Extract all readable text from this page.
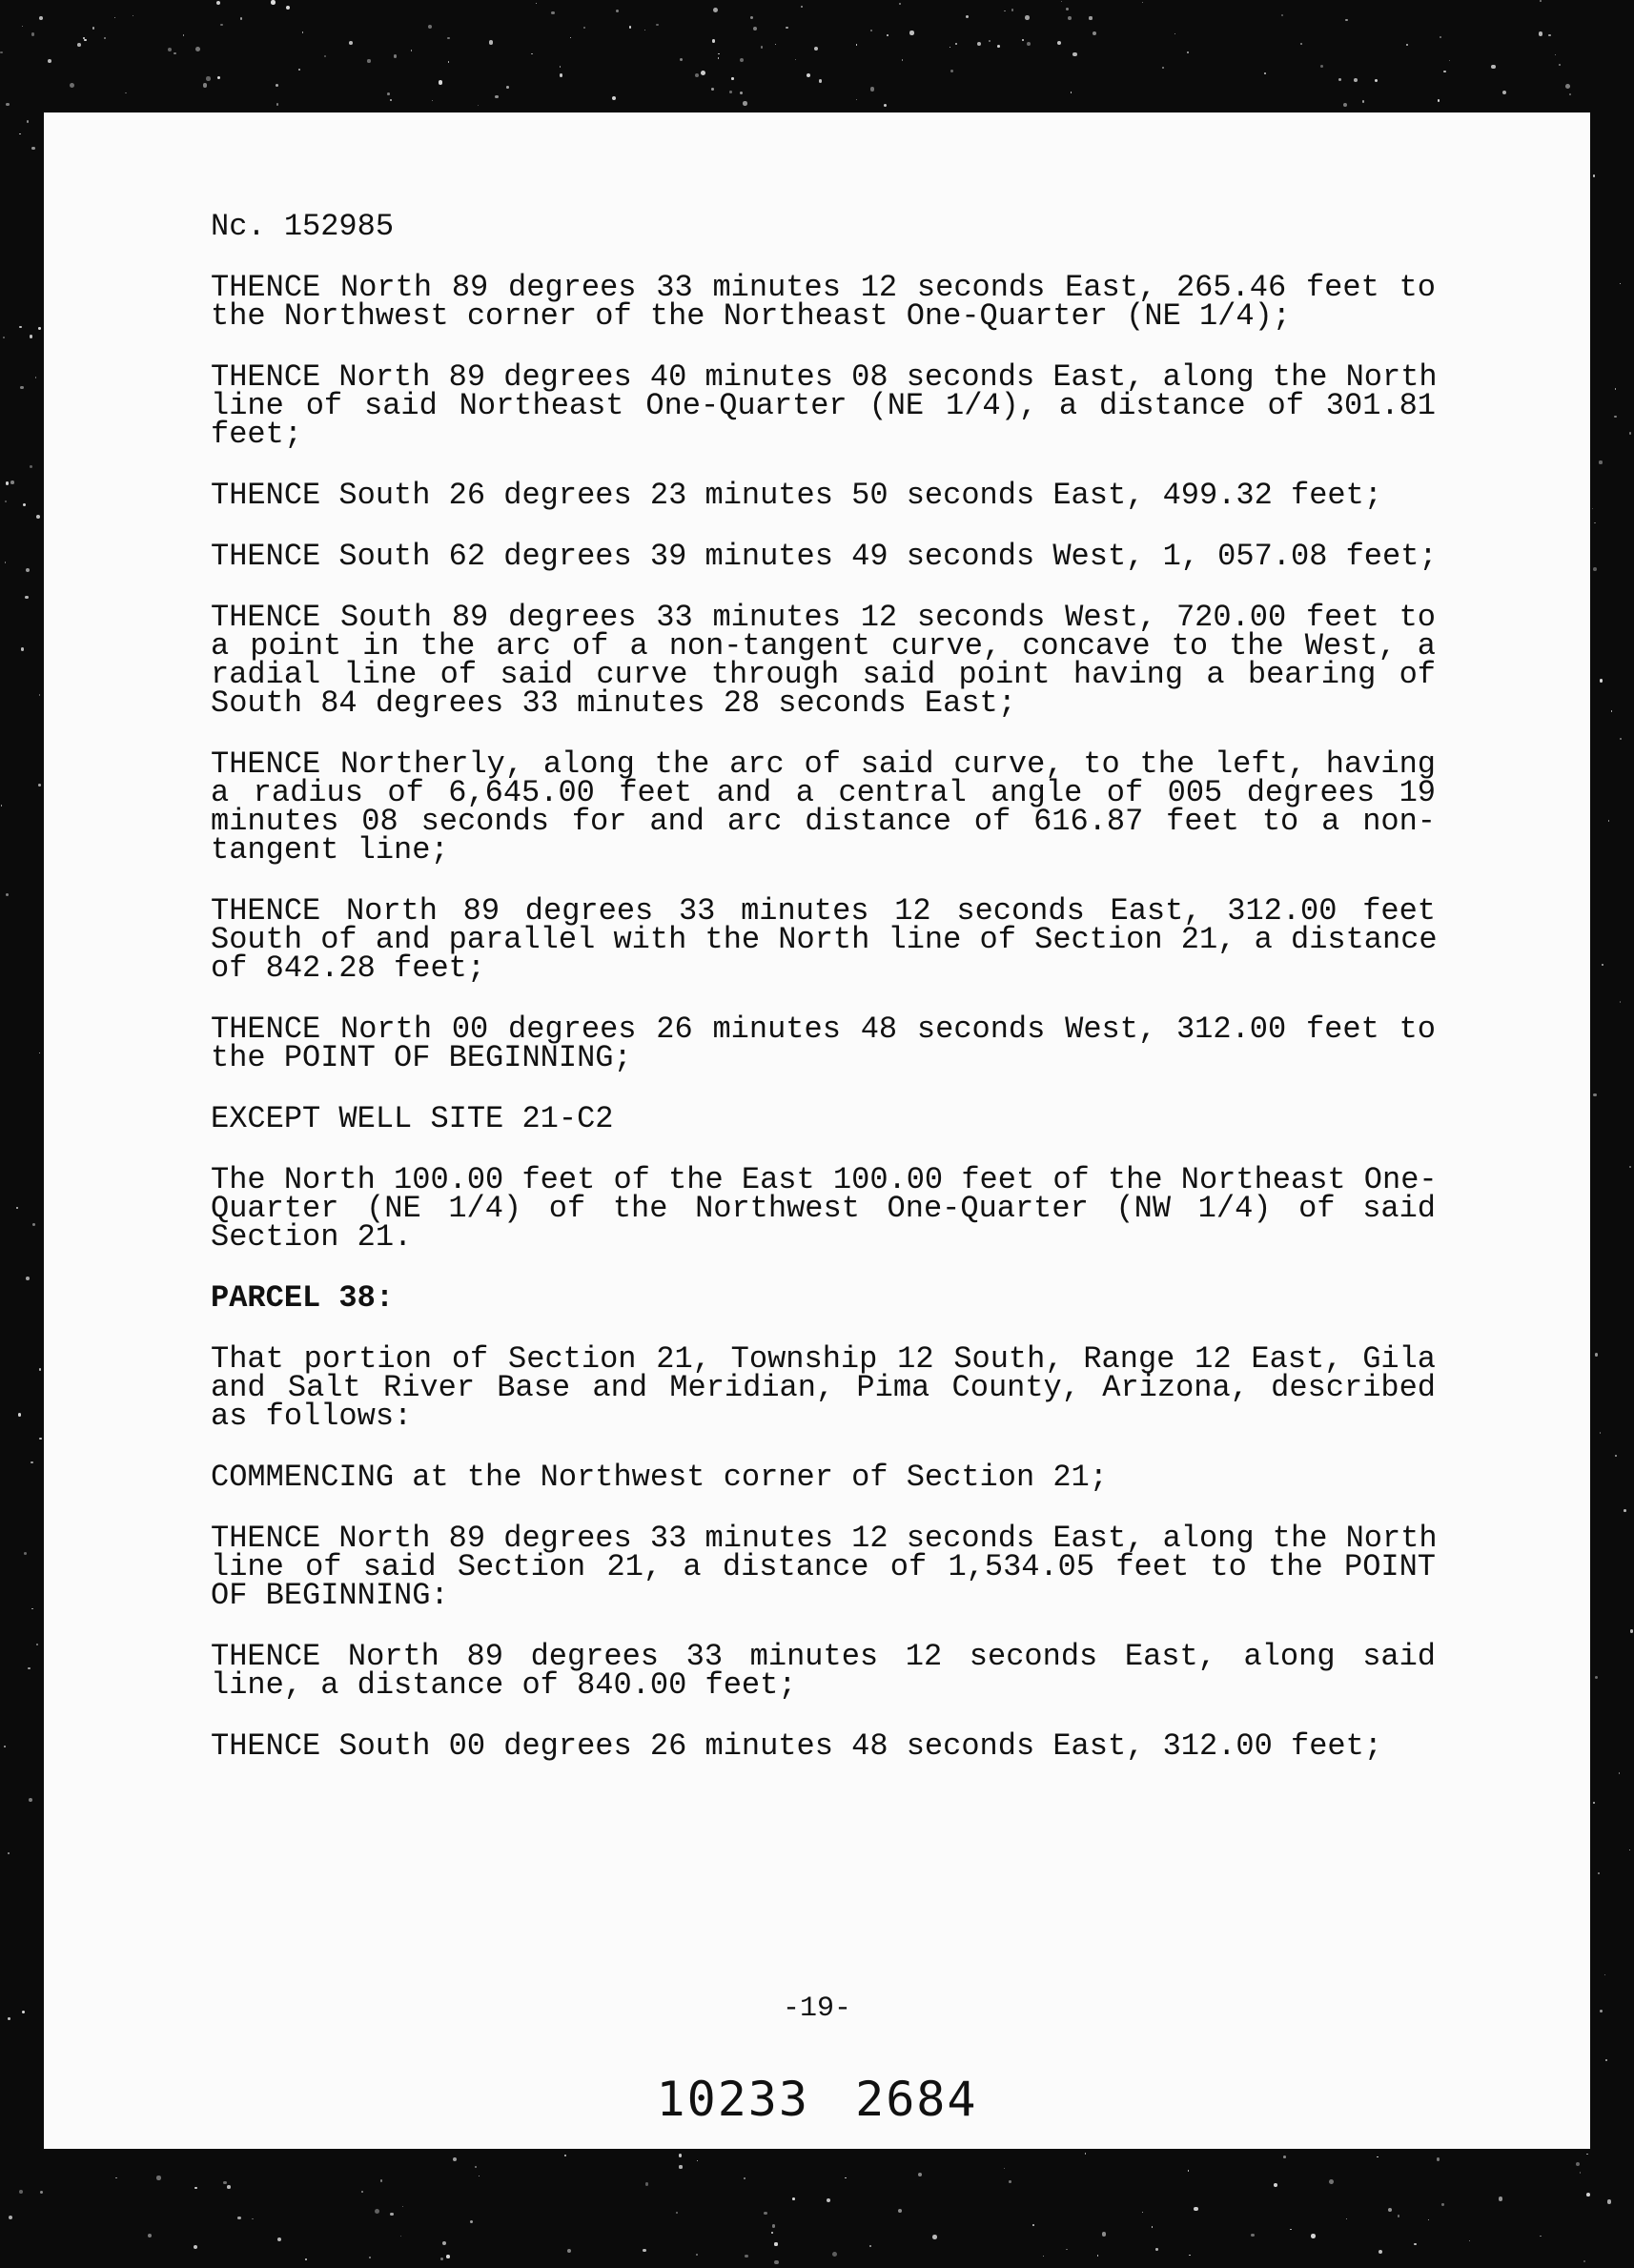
Nc. 152985
THENCE North 89 degrees 33 minutes 12 seconds East, 265.46 feet to
the Northwest corner of the Northeast One-Quarter (NE 1/4);
THENCE North 89 degrees 40 minutes 08 seconds East, along the North
line of said Northeast One-Quarter (NE 1/4), a distance of 301.81
feet;
THENCE South 26 degrees 23 minutes 50 seconds East, 499.32 feet;
THENCE South 62 degrees 39 minutes 49 seconds West, 1, 057.08 feet;
THENCE South 89 degrees 33 minutes 12 seconds West, 720.00 feet to
a point in the arc of a non-tangent curve, concave to the West, a
radial line of said curve through said point having a bearing of
South 84 degrees 33 minutes 28 seconds East;
THENCE Northerly, along the arc of said curve, to the left, having
a radius of 6,645.00 feet and a central angle of 005 degrees 19
minutes 08 seconds for and arc distance of 616.87 feet to a non-
tangent line;
THENCE North 89 degrees 33 minutes 12 seconds East, 312.00 feet
South of and parallel with the North line of Section 21, a distance
of 842.28 feet;
THENCE North 00 degrees 26 minutes 48 seconds West, 312.00 feet to
the POINT OF BEGINNING;
EXCEPT WELL SITE 21-C2
The North 100.00 feet of the East 100.00 feet of the Northeast One-
Quarter (NE 1/4) of the Northwest One-Quarter (NW 1/4) of said
Section 21.
PARCEL 38:
That portion of Section 21, Township 12 South, Range 12 East, Gila
and Salt River Base and Meridian, Pima County, Arizona, described
as follows:
COMMENCING at the Northwest corner of Section 21;
THENCE North 89 degrees 33 minutes 12 seconds East, along the North
line of said Section 21, a distance of 1,534.05 feet to the POINT
OF BEGINNING:
THENCE North 89 degrees 33 minutes 12 seconds East, along said
line, a distance of 840.00 feet;
THENCE South 00 degrees 26 minutes 48 seconds East, 312.00 feet;
-19-
10233 2684
